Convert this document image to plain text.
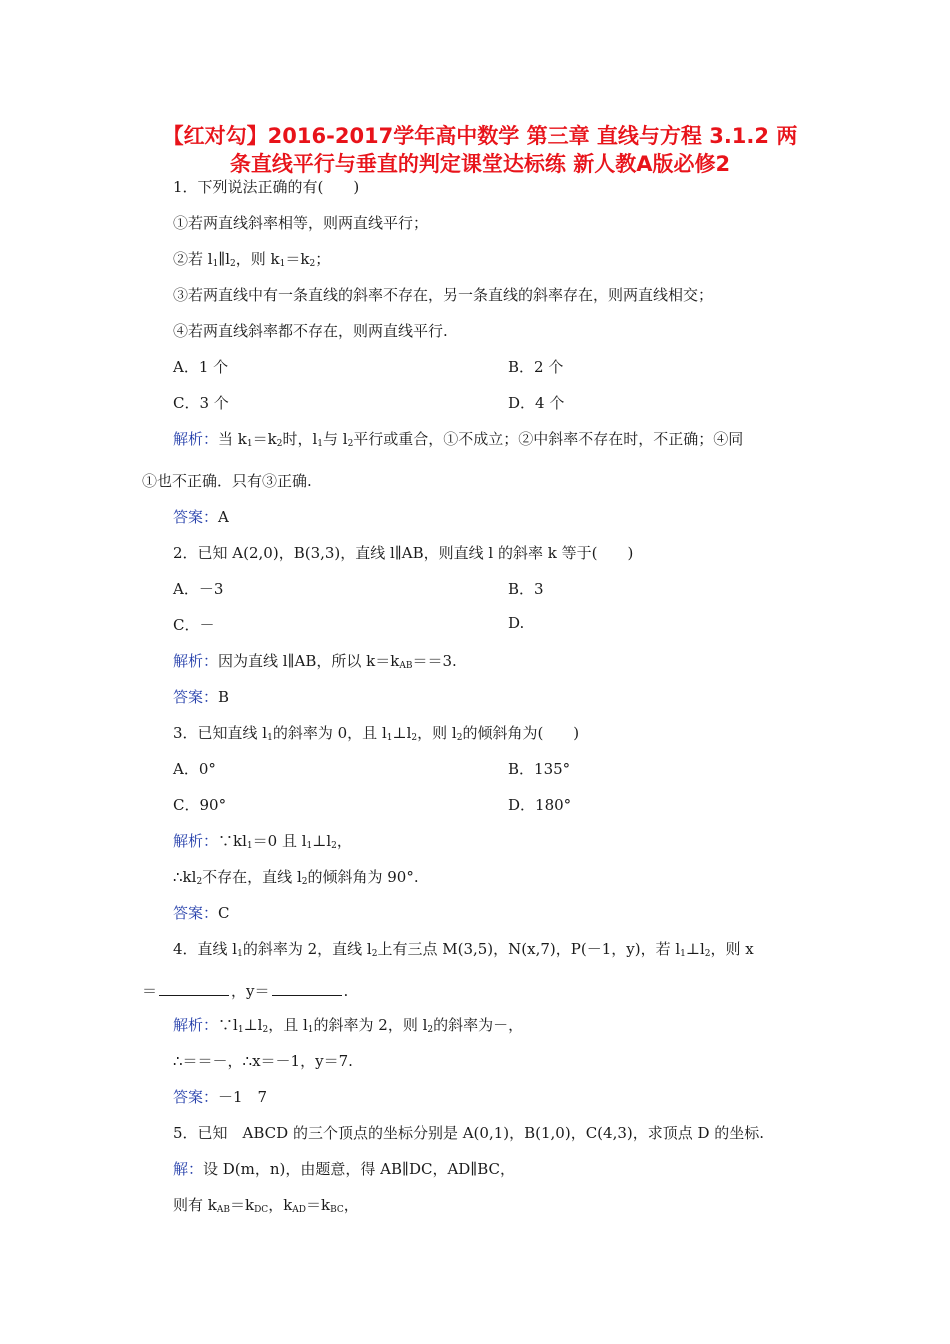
【红对勾】2016-2017学年高中数学 第三章 直线与方程 3.1.2 两
条直线平行与垂直的判定课堂达标练 新人教A版必修2
1．下列说法正确的有(　　)
①若两直线斜率相等，则两直线平行；
②若 $l_1\parallel l_2$，则 $k_1=k_2$；
③若两直线中有一条直线的斜率不存在，另一条直线的斜率存在，则两直线相交；
④若两直线斜率都不存在，则两直线平行.
A．1 个	B．2 个
C．3 个	D．4 个
解析：当 $k_1=k_2$时，$l_1$与 $l_2$平行或重合，①不成立；②中斜率不存在时，不正确；④同
①也不正确．只有③正确.
答案：A
2．已知 A(2,0)，B(3,3)，直线 l∥AB，则直线 l 的斜率 k 等于(　　)
A．－3	B．3
C．－	D.
解析：因为直线 l∥AB，所以 $k=k_{AB}==3$.
答案：B
3．已知直线 $l_1$的斜率为 0，且 $l_1\perp l_2$，则 $l_2$的倾斜角为(　　)
A．0°	B．135°
C．90°	D．180°
解析：$\because kl_1=0$ 且 $l_1\perp l_2$，
$\therefore kl_2$不存在，直线 $l_2$的倾斜角为 90°.
答案：C
4．直线 $l_1$的斜率为 2，直线 $l_2$上有三点 M(3,5)，N(x,7)，P(－1，y)，若 $l_1\perp l_2$，则 x
＝	，y＝	.
解析：$\because l_1\perp l_2$，且 $l_1$的斜率为 2，则 $l_2$的斜率为－，
∴＝＝－，∴x＝－1，y＝7.
答案：－1　7
5．已知　ABCD 的三个顶点的坐标分别是 A(0,1)，B(1,0)，C(4,3)，求顶点 D 的坐标.
解：设 D(m，n)，由题意，得 AB∥DC，AD∥BC，
则有 $k_{AB}=k_{DC}$，$k_{AD}=k_{BC}$，
